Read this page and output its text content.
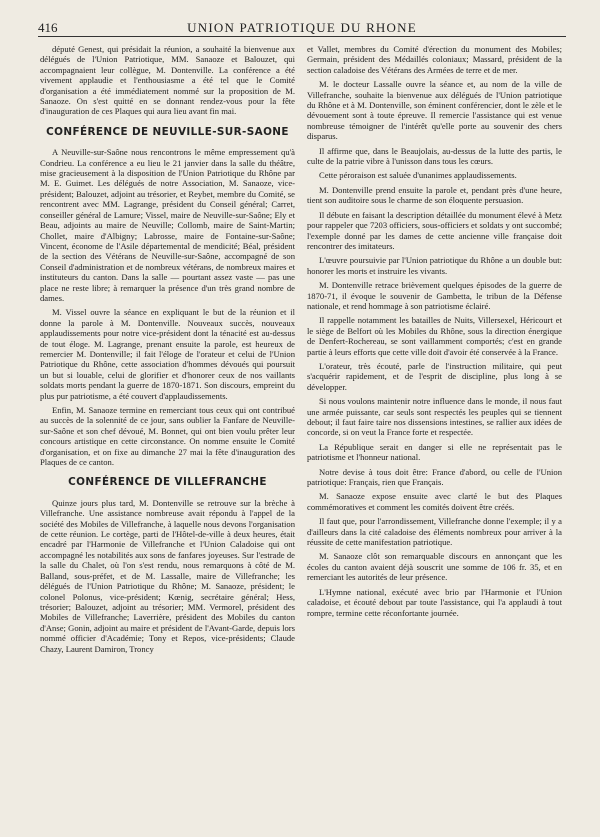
416	UNION PATRIOTIQUE DU RHONE

député Genest, qui présidait la réunion, a souhaité la bienvenue aux délégués de l'Union Patriotique, MM. Sanaoze et Balouzet, qui accompagnaient leur collègue, M. Dontenville. La conférence a été vivement applaudie et l'enthousiasme a été tel que le Comité d'organisation a été immédiatement nommé sur la proposition de M. Sanaoze. On s'est quitté en se donnant rendez-vous pour la fête d'inauguration de ces Plaques qui aura lieu avant fin mai.

CONFÉRENCE DE NEUVILLE-SUR-SAONE

A Neuville-sur-Saône nous rencontrons le même empressement qu'à Condrieu. La conférence a eu lieu le 21 janvier dans la salle du théâtre, mise gracieusement à la disposition de l'Union Patriotique du Rhône par M. E. Guimet. Les délégués de notre Association, M. Sanaoze, vice-président; Balouzet, adjoint au trésorier, et Reybet, membre du Comité, se rencontrent avec MM. Lagrange, président du Conseil général; Carret, conseiller général de Lamure; Vissel, maire de Neuville-sur-Saône; Ely et Beau, adjoints au maire de Neuville; Collomb, maire de Saint-Martin; Chollet, maire d'Albigny; Labrosse, maire de Fontaine-sur-Saône; Vincent, économe de l'Asile départemental de mendicité; Béal, président de la section des Vétérans de Neuville-sur-Saône, accompagné de son Conseil d'administration et de nombreux vétérans, de nombreux maires et instituteurs du canton. Dans la salle — pourtant assez vaste — pas une place ne reste libre; à remarquer la présence d'un très grand nombre de dames.

M. Vissel ouvre la séance en expliquant le but de la réunion et il donne la parole à M. Dontenville. Nouveaux succès, nouveaux applaudissements pour notre vice-président dont la ténacité est au-dessus de tout éloge. M. Lagrange, prenant ensuite la parole, est heureux de remercier M. Dontenville; il fait l'éloge de l'orateur et celui de l'Union Patriotique du Rhône, cette association d'hommes dévoués qui poursuit un but si louable, celui de glorifier et d'honorer ceux de nos vaillants soldats morts pendant la guerre de 1870-1871. Son discours, empreint du plus pur patriotisme, a été couvert d'applaudissements.

Enfin, M. Sanaoze termine en remerciant tous ceux qui ont contribué au succès de la solennité de ce jour, sans oublier la Fanfare de Neuville-sur-Saône et son chef dévoué, M. Bonnet, qui ont bien voulu prêter leur concours artistique en cette circonstance. On nomme ensuite le Comité d'organisation, et on fixe au dimanche 27 mai la fête d'inauguration des Plaques de ce canton.

CONFÉRENCE DE VILLEFRANCHE

Quinze jours plus tard, M. Dontenville se retrouve sur la brèche à Villefranche. Une assistance nombreuse avait répondu à l'appel de la société des Mobiles de Villefranche, à laquelle nous devons l'organisation de cette réunion. Le cortège, parti de l'Hôtel-de-ville à deux heures, était encadré par l'Harmonie de Villefranche et l'Union Caladoise qui ont accompagné les notabilités aux sons de fanfares joyeuses. Sur l'estrade de la salle du Chalet, où l'on s'est rendu, nous remarquons à côté de M. Balland, sous-préfet, et de M. Lassalle, maire de Villefranche; les délégués de l'Union Patriotique du Rhône; M. Sanaoze, président; le colonel Polonus, vice-président; Kœnig, secrétaire général; Hess, trésorier; Balouzet, adjoint au trésorier; MM. Vermorel, président des Mobiles de Villefranche; Laverrière, président des Mobiles du canton d'Anse; Gonin, adjoint au maire et président de l'Avant-Garde, depuis lors nommé officier d'Académie; Tony et Repos, vice-présidents; Claude Chazy, Laurent Damiron, Troncy

et Vallet, membres du Comité d'érection du monument des Mobiles; Germain, président des Médaillés coloniaux; Massard, président de la section caladoise des Vétérans des Armées de terre et de mer.

M. le docteur Lassalle ouvre la séance et, au nom de la ville de Villefranche, souhaite la bienvenue aux délégués de l'Union patriotique du Rhône et à M. Dontenville, son éminent conférencier, dont le zèle et le dévouement sont à toute épreuve. Il remercie l'assistance qui est venue nombreuse témoigner de l'intérêt qu'elle porte au souvenir des chers disparus.

Il affirme que, dans le Beaujolais, au-dessus de la lutte des partis, le culte de la patrie vibre à l'unisson dans tous les cœurs.

Cette péroraison est saluée d'unanimes applaudissements.

M. Dontenville prend ensuite la parole et, pendant près d'une heure, tient son auditoire sous le charme de son éloquente persuasion.

Il débute en faisant la description détaillée du monument élevé à Metz pour rappeler que 7203 officiers, sous-officiers et soldats y ont succombé; l'exemple donné par les dames de cette ancienne ville française doit rencontrer des imitateurs.

L'œuvre poursuivie par l'Union patriotique du Rhône a un double but: honorer les morts et instruire les vivants.

M. Dontenville retrace brièvement quelques épisodes de la guerre de 1870-71, il évoque le souvenir de Gambetta, le tribun de la Défense nationale, et rend hommage à son patriotisme éclairé.

Il rappelle notamment les batailles de Nuits, Villersexel, Héricourt et le siège de Belfort où les Mobiles du Rhône, sous la direction énergique de Denfert-Rochereau, se sont vaillamment comportés; c'est en grande partie à leurs efforts que cette ville doit d'avoir été conservée à la France.

L'orateur, très écouté, parle de l'instruction militaire, qui peut s'acquérir rapidement, et de l'esprit de discipline, plus long à se développer.

Si nous voulons maintenir notre influence dans le monde, il nous faut une armée puissante, car seuls sont respectés les peuples qui se tiennent debout; il faut faire taire nos dissensions intestines, se rallier aux idées de concorde, si on veut la France forte et respectée.

La République serait en danger si elle ne représentait pas le patriotisme et l'honneur national.

Notre devise à tous doit être: France d'abord, ou celle de l'Union patriotique: Français, rien que Français.

M. Sanaoze expose ensuite avec clarté le but des Plaques commémoratives et comment les comités doivent être créés.

Il faut que, pour l'arrondissement, Villefranche donne l'exemple; il y a d'ailleurs dans la cité caladoise des éléments nombreux pour arriver à la réussite de cette manifestation patriotique.

M. Sanaoze clôt son remarquable discours en annonçant que les écoles du canton avaient déjà souscrit une somme de 106 fr. 35, et en remerciant les autorités de leur présence.

L'Hymne national, exécuté avec brio par l'Harmonie et l'Union caladoise, et écouté debout par toute l'assistance, qui l'a applaudi à tout rompre, termine cette réconfortante journée.
